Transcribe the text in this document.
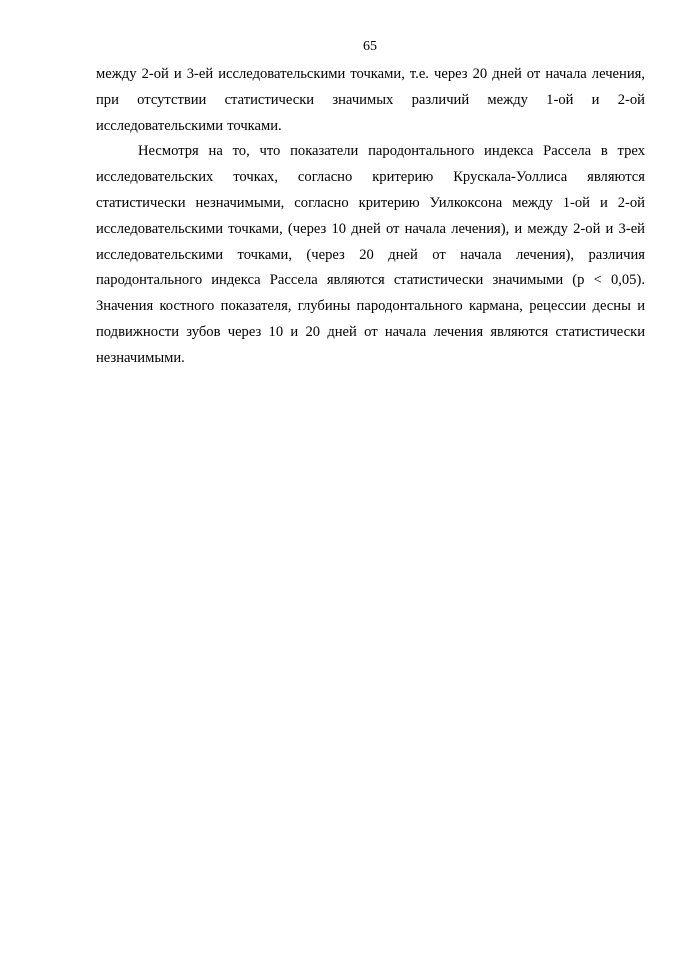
65

между 2-ой и 3-ей исследовательскими точками, т.е. через 20 дней от начала лечения, при отсутствии статистически значимых различий между 1-ой и 2-ой исследовательскими точками.

Несмотря на то, что показатели пародонтального индекса Рассела в трех исследовательских точках, согласно критерию Крускала-Уоллиса являются статистически незначимыми, согласно критерию Уилкоксона между 1-ой и 2-ой исследовательскими точками, (через 10 дней от начала лечения), и между 2-ой и 3-ей исследовательскими точками, (через 20 дней от начала лечения), различия пародонтального индекса Рассела являются статистически значимыми (p < 0,05). Значения костного показателя, глубины пародонтального кармана, рецессии десны и подвижности зубов через 10 и 20 дней от начала лечения являются статистически незначимыми.
